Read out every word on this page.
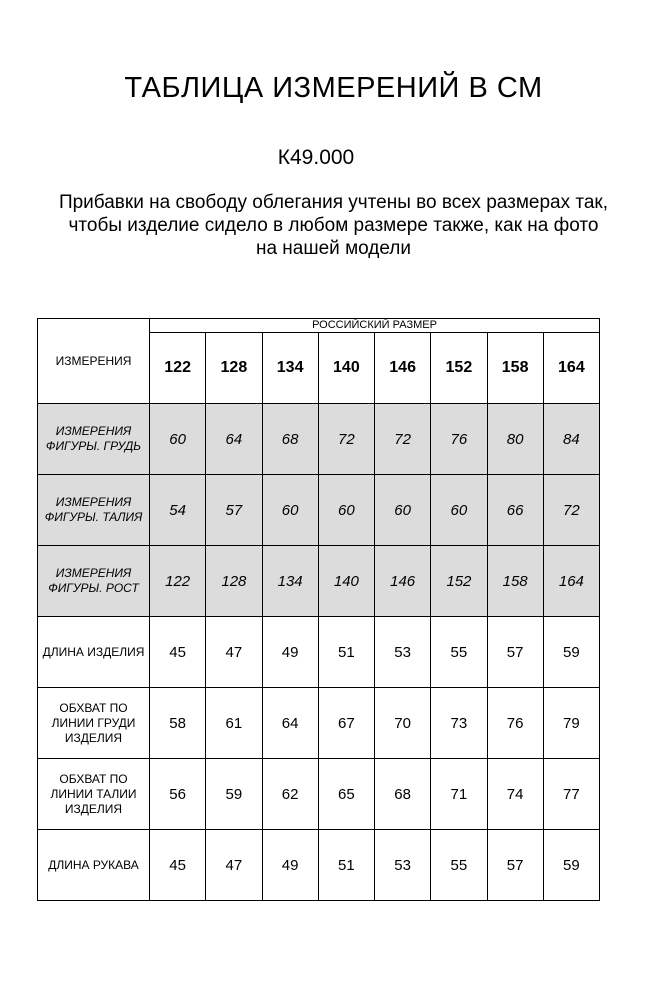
ТАБЛИЦА ИЗМЕРЕНИЙ В СМ
К49.000
Прибавки на свободу облегания учтены во всех размерах так,
чтобы изделие сидело в любом размере также, как на фото
на нашей модели
ИЗМЕРЕНИЯ	РОССИЙСКИЙ РАЗМЕР							
	122	128	134	140	146	152	158	164

ИЗМЕРЕНИЯ
ФИГУРЫ. ГРУДЬ	60	64	68	72	72	76	80	84

ИЗМЕРЕНИЯ
ФИГУРЫ. ТАЛИЯ	54	57	60	60	60	60	66	72

ИЗМЕРЕНИЯ
ФИГУРЫ. РОСТ	122	128	134	140	146	152	158	164

ДЛИНА ИЗДЕЛИЯ	45	47	49	51	53	55	57	59

ОБХВАТ ПО
ЛИНИИ ГРУДИ
ИЗДЕЛИЯ	58	61	64	67	70	73	76	79

ОБХВАТ ПО
ЛИНИИ ТАЛИИ
ИЗДЕЛИЯ	56	59	62	65	68	71	74	77

ДЛИНА РУКАВА	45	47	49	51	53	55	57	59
